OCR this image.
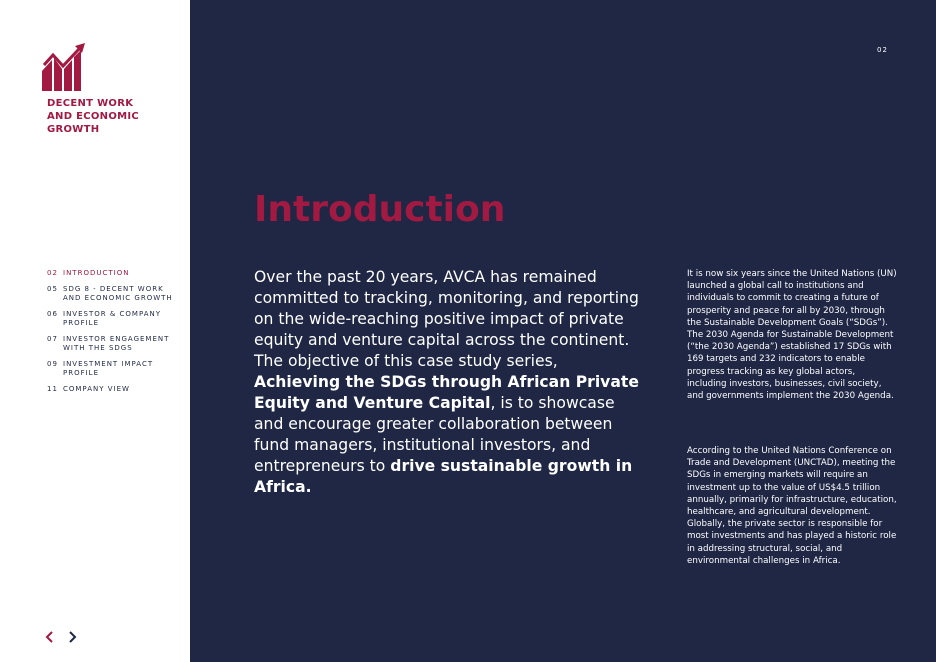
DECENT WORK
AND ECONOMIC
GROWTH
02 INTRODUCTION
05 SDG 8 - DECENT WORK AND ECONOMIC GROWTH
06 INVESTOR & COMPANY PROFILE
07 INVESTOR ENGAGEMENT WITH THE SDGS
09 INVESTMENT IMPACT PROFILE
11 COMPANY VIEW
02
Introduction

Over the past 20 years, AVCA has remained committed to tracking, monitoring, and reporting on the wide-reaching positive impact of private equity and venture capital across the continent. The objective of this case study series, Achieving the SDGs through African Private Equity and Venture Capital, is to showcase and encourage greater collaboration between fund managers, institutional investors, and entrepreneurs to drive sustainable growth in Africa.

It is now six years since the United Nations (UN) launched a global call to institutions and individuals to commit to creating a future of prosperity and peace for all by 2030, through the Sustainable Development Goals (“SDGs”). The 2030 Agenda for Sustainable Development (“the 2030 Agenda”) established 17 SDGs with 169 targets and 232 indicators to enable progress tracking as key global actors, including investors, businesses, civil society, and governments implement the 2030 Agenda.

According to the United Nations Conference on Trade and Development (UNCTAD), meeting the SDGs in emerging markets will require an investment up to the value of US$4.5 trillion annually, primarily for infrastructure, education, healthcare, and agricultural development. Globally, the private sector is responsible for most investments and has played a historic role in addressing structural, social, and environmental challenges in Africa.
